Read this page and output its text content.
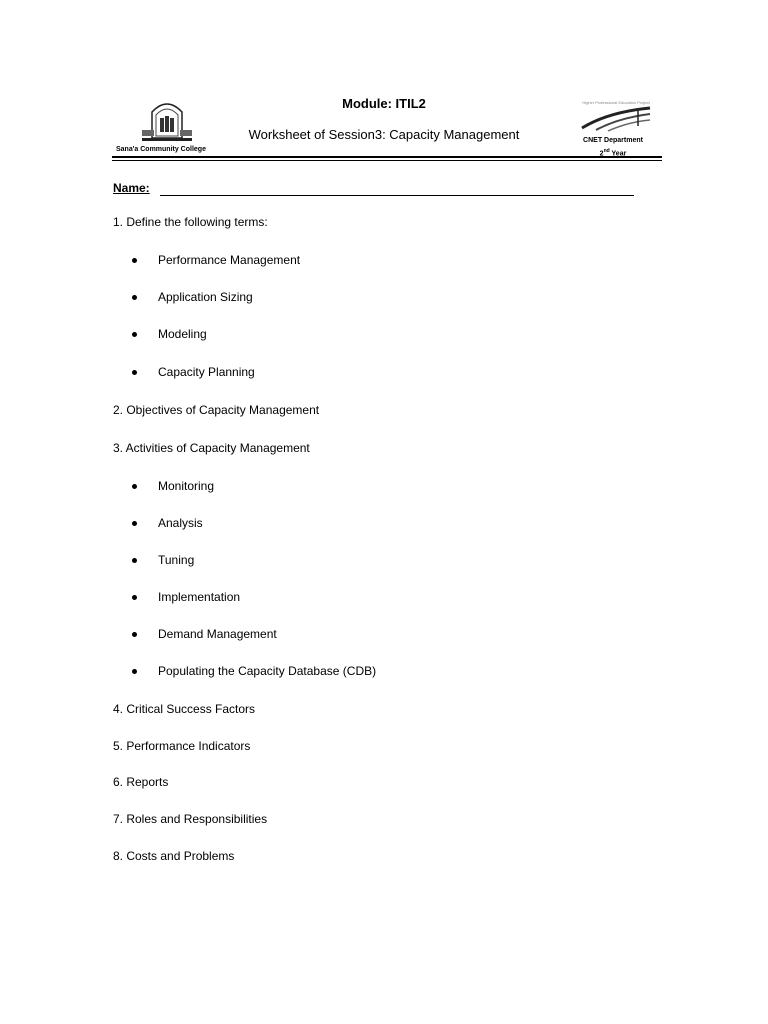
Higher Professional Education Project
Module: ITIL2
Worksheet of Session3: Capacity Management
Sana'a Community College
CNET Department
2nd Year
Name:
1. Define the following terms:
Performance Management
Application Sizing
Modeling
Capacity Planning
2. Objectives of Capacity Management
3. Activities of Capacity Management
Monitoring
Analysis
Tuning
Implementation
Demand Management
Populating the Capacity Database (CDB)
4. Critical Success Factors
5. Performance Indicators
6. Reports
7. Roles and Responsibilities
8. Costs and Problems
